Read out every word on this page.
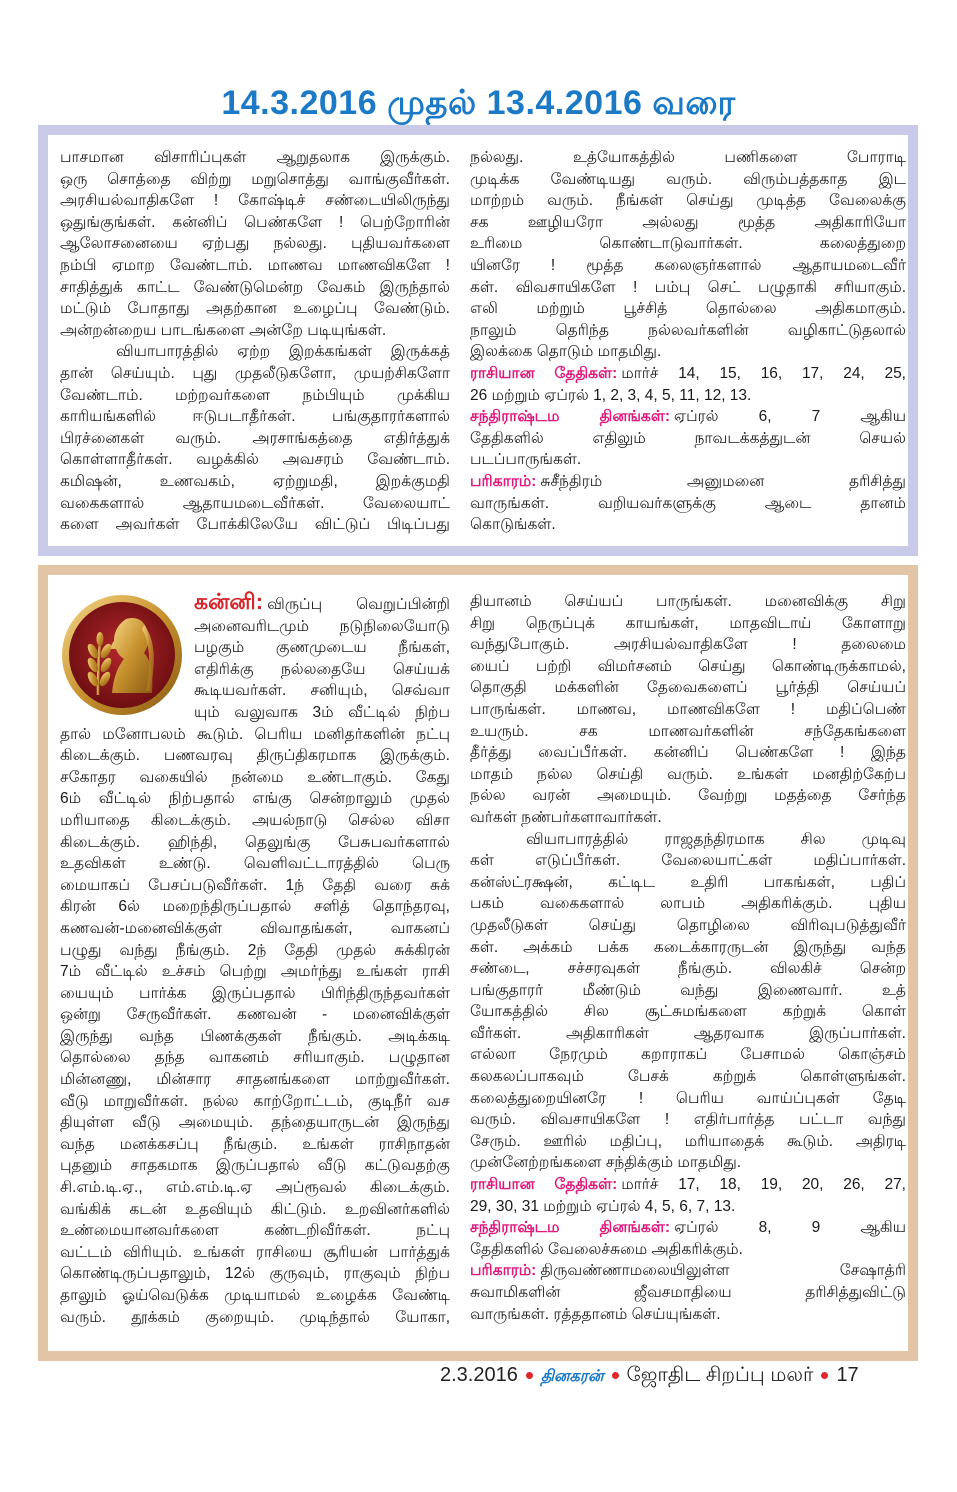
14.3.2016 முதல் 13.4.2016 வரை
பாசமான விசாரிப்புகள் ஆறுதலாக இருக்கும்.
ஒரு சொத்தை விற்று மறுசொத்து வாங்குவீர்கள்.
அரசியல்வாதிகளே ! கோஷ்டிச் சண்டையிலிருந்து
ஒதுங்குங்கள். கன்னிப் பெண்களே ! பெற்றோரின்
ஆலோசனையை ஏற்பது நல்லது. புதியவர்களை
நம்பி ஏமாற வேண்டாம். மாணவ மாணவிகளே !
சாதித்துக் காட்ட வேண்டுமென்ற வேகம் இருந்தால்
மட்டும் போதாது அதற்கான உழைப்பு வேண்டும்.
அன்றன்றைய பாடங்களை அன்றே படியுங்கள்.
வியாபாரத்தில் ஏற்ற இறக்கங்கள் இருக்கத்
தான் செய்யும். புது முதலீடுகளோ, முயற்சிகளோ
வேண்டாம். மற்றவர்களை நம்பியும் முக்கிய
காரியங்களில் ஈடுபடாதீர்கள். பங்குதாரர்களால்
பிரச்னைகள் வரும். அரசாங்கத்தை எதிர்த்துக்
கொள்ளாதீர்கள். வழக்கில் அவசரம் வேண்டாம்.
கமிஷன், உணவகம், ஏற்றுமதி, இறக்குமதி
வகைகளால் ஆதாயமடைவீர்கள். வேலையாட்
களை அவர்கள் போக்கிலேயே விட்டுப் பிடிப்பது
நல்லது. உத்யோகத்தில் பணிகளை போராடி
முடிக்க வேண்டியது வரும். விரும்பத்தகாத இட
மாற்றம் வரும். நீங்கள் செய்து முடித்த வேலைக்கு
சக ஊழியரோ அல்லது மூத்த அதிகாரியோ
உரிமை கொண்டாடுவார்கள். கலைத்துறை
யினரே ! மூத்த கலைஞர்களால் ஆதாயமடைவீர்
கள். விவசாயிகளே ! பம்பு செட் பழுதாகி சரியாகும்.
எலி மற்றும் பூச்சித் தொல்லை அதிகமாகும்.
நாலும் தெரிந்த நல்லவர்களின் வழிகாட்டுதலால்
இலக்கை தொடும் மாதமிது.
ராசியான தேதிகள்: மார்ச் 14, 15, 16, 17, 24, 25,
26 மற்றும் ஏப்ரல் 1, 2, 3, 4, 5, 11, 12, 13.
சந்திராஷ்டம தினங்கள்: ஏப்ரல் 6, 7 ஆகிய
தேதிகளில் எதிலும் நாவடக்கத்துடன் செயல்
படப்பாருங்கள்.
பரிகாரம்: சுசீந்திரம் அனுமனை தரிசித்து
வாருங்கள். வறியவர்களுக்கு ஆடை தானம்
கொடுங்கள்.
கன்னி: விருப்பு வெறுப்பின்றி
அனைவரிடமும் நடுநிலையோடு
பழகும் குணமுடைய நீங்கள்,
எதிரிக்கு நல்லதையே செய்யக்
கூடியவர்கள். சனியும், செவ்வா
யும் வலுவாக 3ம் வீட்டில் நிற்ப
தால் மனோபலம் கூடும். பெரிய மனிதர்களின் நட்பு
கிடைக்கும். பணவரவு திருப்திகரமாக இருக்கும்.
சகோதர வகையில் நன்மை உண்டாகும். கேது
6ம் வீட்டில் நிற்பதால் எங்கு சென்றாலும் முதல்
மரியாதை கிடைக்கும். அயல்நாடு செல்ல விசா
கிடைக்கும். ஹிந்தி, தெலுங்கு பேசுபவர்களால்
உதவிகள் உண்டு. வெளிவட்டாரத்தில் பெரு
மையாகப் பேசப்படுவீர்கள். 1ந் தேதி வரை சுக்
கிரன் 6ல் மறைந்திருப்பதால் சளித் தொந்தரவு,
கணவன்-மனைவிக்குள் விவாதங்கள், வாகனப்
பழுது வந்து நீங்கும். 2ந் தேதி முதல் சுக்கிரன்
7ம் வீட்டில் உச்சம் பெற்று அமர்ந்து உங்கள் ராசி
யையும் பார்க்க இருப்பதால் பிரிந்திருந்தவர்கள்
ஒன்று சேருவீர்கள். கணவன் - மனைவிக்குள்
இருந்து வந்த பிணக்குகள் நீங்கும். அடிக்கடி
தொல்லை தந்த வாகனம் சரியாகும். பழுதான
மின்னணு, மின்சார சாதனங்களை மாற்றுவீர்கள்.
வீடு மாறுவீர்கள். நல்ல காற்றோட்டம், குடிநீர் வச
தியுள்ள வீடு அமையும். தந்தையாருடன் இருந்து
வந்த மனக்கசப்பு நீங்கும். உங்கள் ராசிநாதன்
புதனும் சாதகமாக இருப்பதால் வீடு கட்டுவதற்கு
சி.எம்.டி.ஏ., எம்.எம்.டி.ஏ அப்ரூவல் கிடைக்கும்.
வங்கிக் கடன் உதவியும் கிட்டும். உறவினர்களில்
உண்மையானவர்களை கண்டறிவீர்கள். நட்பு
வட்டம் விரியும். உங்கள் ராசியை சூரியன் பார்த்துக்
கொண்டிருப்பதாலும், 12ல் குருவும், ராகுவும் நிற்ப
தாலும் ஓய்வெடுக்க முடியாமல் உழைக்க வேண்டி
வரும். தூக்கம் குறையும். முடிந்தால் யோகா,
தியானம் செய்யப் பாருங்கள். மனைவிக்கு சிறு
சிறு நெருப்புக் காயங்கள், மாதவிடாய் கோளாறு
வந்துபோகும். அரசியல்வாதிகளே ! தலைமை
யைப் பற்றி விமர்சனம் செய்து கொண்டிருக்காமல்,
தொகுதி மக்களின் தேவைகளைப் பூர்த்தி செய்யப்
பாருங்கள். மாணவ, மாணவிகளே ! மதிப்பெண்
உயரும். சக மாணவர்களின் சந்தேகங்களை
தீர்த்து வைப்பீர்கள். கன்னிப் பெண்களே ! இந்த
மாதம் நல்ல செய்தி வரும். உங்கள் மனதிற்கேற்ப
நல்ல வரன் அமையும். வேற்று மதத்தை சேர்ந்த
வர்கள் நண்பர்களாவார்கள்.
வியாபாரத்தில் ராஜதந்திரமாக சில முடிவு
கள் எடுப்பீர்கள். வேலையாட்கள் மதிப்பார்கள்.
கன்ஸ்ட்ரக்ஷன், கட்டிட உதிரி பாகங்கள், பதிப்
பகம் வகைகளால் லாபம் அதிகரிக்கும். புதிய
முதலீடுகள் செய்து தொழிலை விரிவுபடுத்துவீர்
கள். அக்கம் பக்க கடைக்காரருடன் இருந்து வந்த
சண்டை, சச்சரவுகள் நீங்கும். விலகிச் சென்ற
பங்குதாரர் மீண்டும் வந்து இணைவார். உத்
யோகத்தில் சில சூட்சுமங்களை கற்றுக் கொள்
வீர்கள். அதிகாரிகள் ஆதரவாக இருப்பார்கள்.
எல்லா நேரமும் கறாராகப் பேசாமல் கொஞ்சம்
கலகலப்பாகவும் பேசக் கற்றுக் கொள்ளுங்கள்.
கலைத்துறையினரே ! பெரிய வாய்ப்புகள் தேடி
வரும். விவசாயிகளே ! எதிர்பார்த்த பட்டா வந்து
சேரும். ஊரில் மதிப்பு, மரியாதைக் கூடும். அதிரடி
முன்னேற்றங்களை சந்திக்கும் மாதமிது.
ராசியான தேதிகள்: மார்ச் 17, 18, 19, 20, 26, 27,
29, 30, 31 மற்றும் ஏப்ரல் 4, 5, 6, 7, 13.
சந்திராஷ்டம தினங்கள்: ஏப்ரல் 8, 9 ஆகிய
தேதிகளில் வேலைச்சுமை அதிகரிக்கும்.
பரிகாரம்: திருவண்ணாமலையிலுள்ள சேஷாத்ரி
சுவாமிகளின் ஜீவசமாதியை தரிசித்துவிட்டு
வாருங்கள். ரத்ததானம் செய்யுங்கள்.
2.3.2016 தினகரன் ஜோதிட சிறப்பு மலர் 17
